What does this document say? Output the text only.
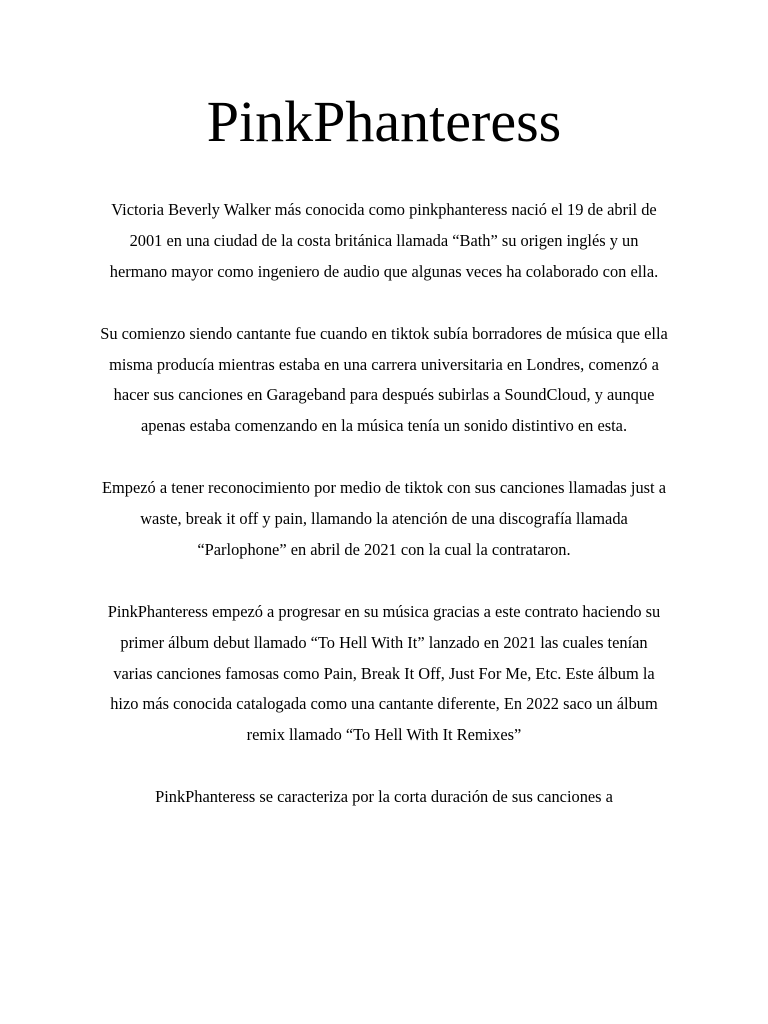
PinkPhanteress

Victoria Beverly Walker más conocida como pinkphanteress nació el 19 de abril de 2001 en una ciudad de la costa británica llamada “Bath” su origen inglés y un hermano mayor como ingeniero de audio que algunas veces ha colaborado con ella.

Su comienzo siendo cantante fue cuando en tiktok subía borradores de música que ella misma producía mientras estaba en una carrera universitaria en Londres, comenzó a hacer sus canciones en Garageband para después subirlas a SoundCloud, y aunque apenas estaba comenzando en la música tenía un sonido distintivo en esta.

Empezó a tener reconocimiento por medio de tiktok con sus canciones llamadas just a waste, break it off y pain, llamando la atención de una discografía llamada “Parlophone” en abril de 2021 con la cual la contrataron.

PinkPhanteress empezó a progresar en su música gracias a este contrato haciendo su primer álbum debut llamado “To Hell With It” lanzado en 2021 las cuales tenían varias canciones famosas como Pain, Break It Off, Just For Me, Etc. Este álbum la hizo más conocida catalogada como una cantante diferente, En 2022 saco un álbum remix llamado “To Hell With It Remixes”

PinkPhanteress se caracteriza por la corta duración de sus canciones a
